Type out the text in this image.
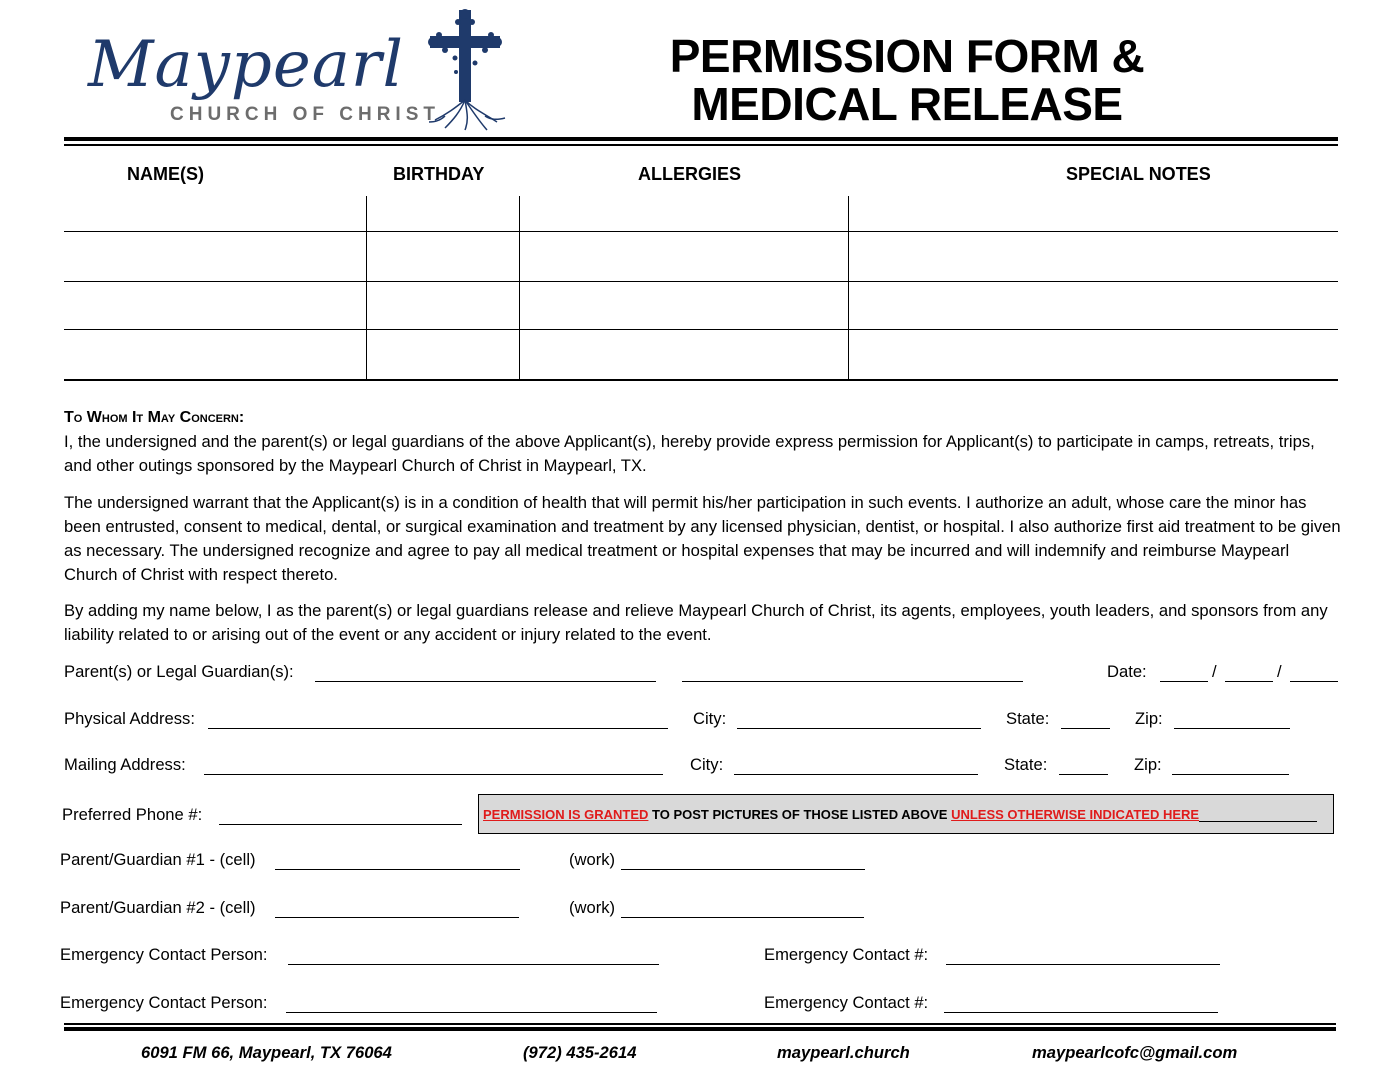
Maypearl
CHURCH OF CHRIST
PERMISSION FORM &
MEDICAL RELEASE
NAME(S)	BIRTHDAY	ALLERGIES	SPECIAL NOTES
To Whom It May Concern:
I, the undersigned and the parent(s) or legal guardians of the above Applicant(s), hereby provide express permission for Applicant(s) to participate in camps, retreats, trips, and other outings sponsored by the Maypearl Church of Christ in Maypearl, TX.
The undersigned warrant that the Applicant(s) is in a condition of health that will permit his/her participation in such events. I authorize an adult, whose care the minor has been entrusted, consent to medical, dental, or surgical examination and treatment by any licensed physician, dentist, or hospital. I also authorize first aid treatment to be given as necessary. The undersigned recognize and agree to pay all medical treatment or hospital expenses that may be incurred and will indemnify and reimburse Maypearl Church of Christ with respect thereto.
By adding my name below, I as the parent(s) or legal guardians release and relieve Maypearl Church of Christ, its agents, employees, youth leaders, and sponsors from any liability related to or arising out of the event or any accident or injury related to the event.
Parent(s) or Legal Guardian(s):	Date:	/	/
Physical Address:	City:	State:	Zip:
Mailing Address:	City:	State:	Zip:
Preferred Phone #:	PERMISSION IS GRANTED TO POST PICTURES OF THOSE LISTED ABOVE UNLESS OTHERWISE INDICATED HERE
Parent/Guardian #1 - (cell)	(work)
Parent/Guardian #2 - (cell)	(work)
Emergency Contact Person:	Emergency Contact #:
Emergency Contact Person:	Emergency Contact #:
6091 FM 66, Maypearl, TX 76064	(972) 435-2614	maypearl.church	maypearlcofc@gmail.com
